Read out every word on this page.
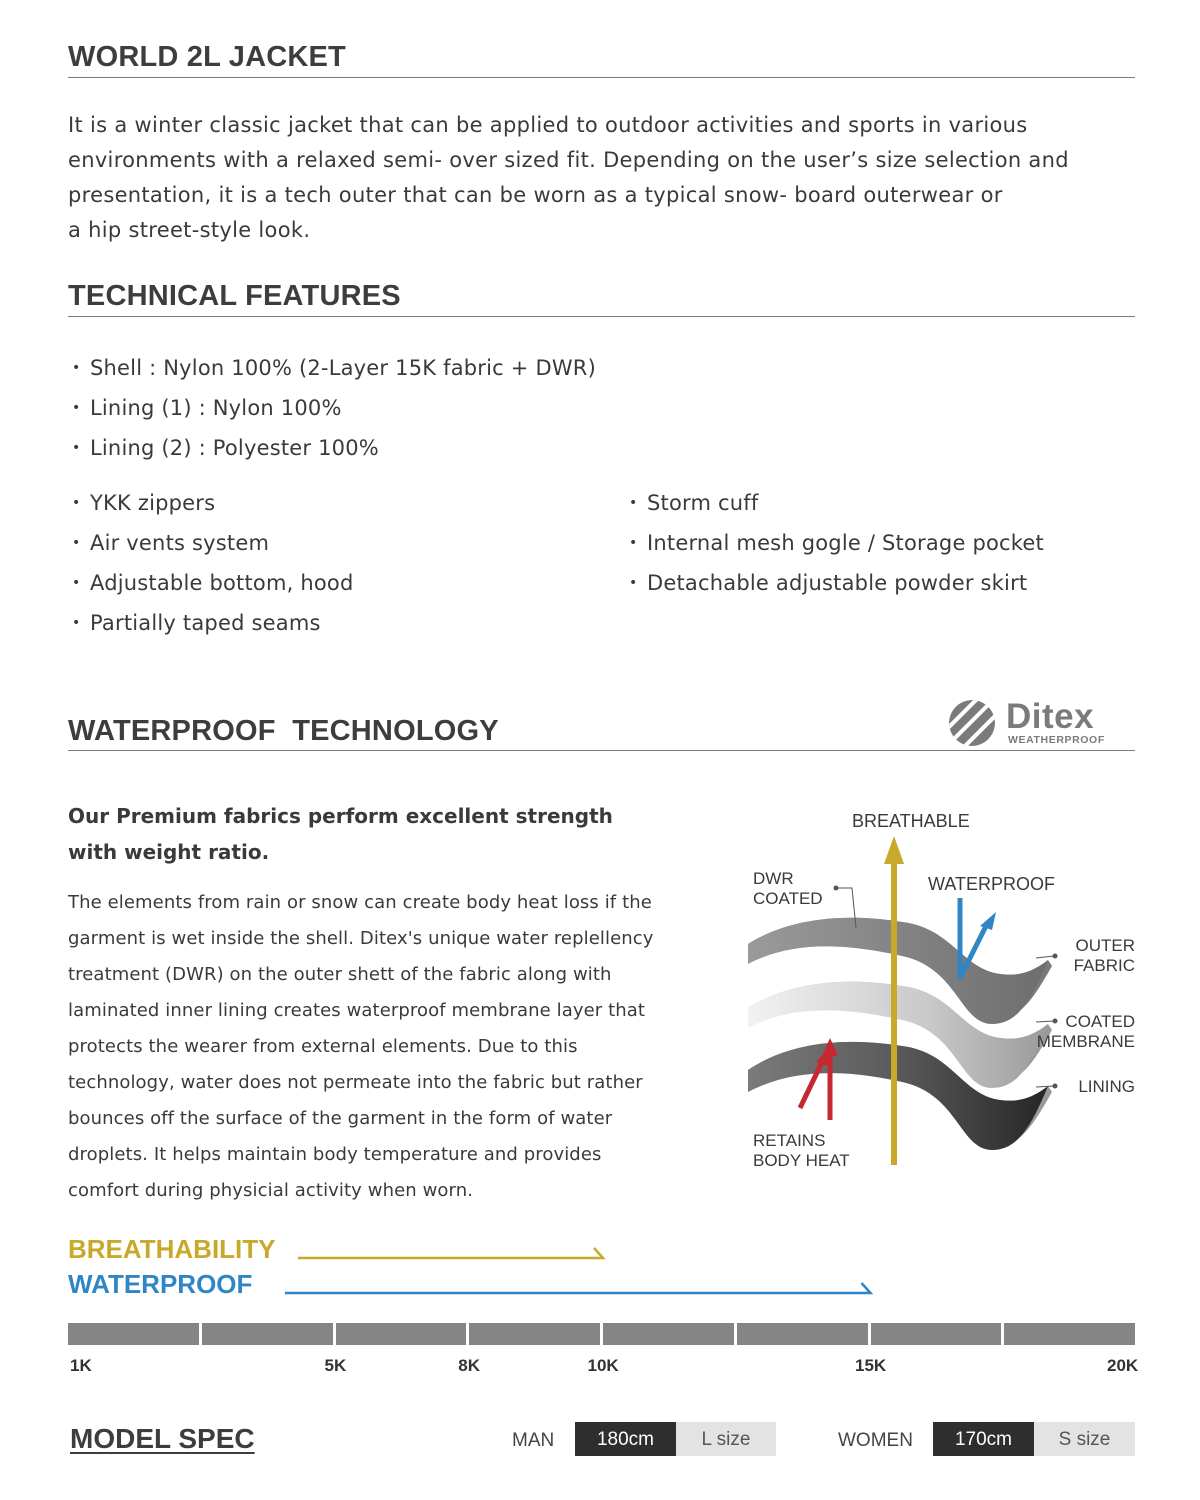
WORLD 2L JACKET
It is a winter classic jacket that can be applied to outdoor activities and sports in various
environments with a relaxed semi- over sized fit. Depending on the user’s size selection and
presentation, it is a tech outer that can be worn as a typical snow- board outerwear or
a hip street-style look.
TECHNICAL FEATURES
• Shell : Nylon 100% (2-Layer 15K fabric + DWR)
• Lining (1) : Nylon 100%
• Lining (2) : Polyester 100%
• YKK zippers
• Air vents system
• Adjustable bottom, hood
• Partially taped seams
• Storm cuff
• Internal mesh gogle / Storage pocket
• Detachable adjustable powder skirt
WATERPROOF  TECHNOLOGY	Ditex
WEATHERPROOF
Our Premium fabrics perform excellent strength
with weight ratio.
The elements from rain or snow can create body heat loss if the
garment is wet inside the shell. Ditex's unique water replellency
treatment (DWR) on the outer shett of the fabric along with
laminated inner lining creates waterproof membrane layer that
protects the wearer from external elements. Due to this
technology, water does not permeate into the fabric but rather
bounces off the surface of the garment in the form of water
droplets. It helps maintain body temperature and provides
comfort during physicial activity when worn.
BREATHABLE
DWR
COATED
WATERPROOF
OUTER
FABRIC
COATED
MEMBRANE
LINING
RETAINS
BODY HEAT
BREATHABILITY
WATERPROOF
1K	5K	8K	10K	15K	20K
MODEL SPEC	MAN	180cm	L size	WOMEN	170cm	S size
